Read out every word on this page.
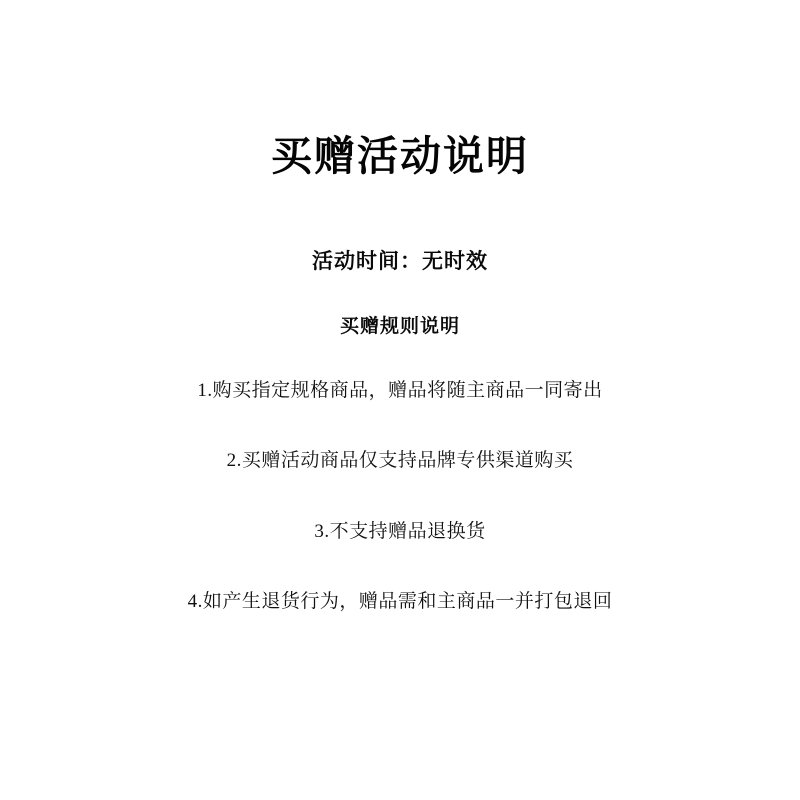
买赠活动说明
活动时间：无时效
买赠规则说明
1.购买指定规格商品，赠品将随主商品一同寄出
2.买赠活动商品仅支持品牌专供渠道购买
3.不支持赠品退换货
4.如产生退货行为，赠品需和主商品一并打包退回
